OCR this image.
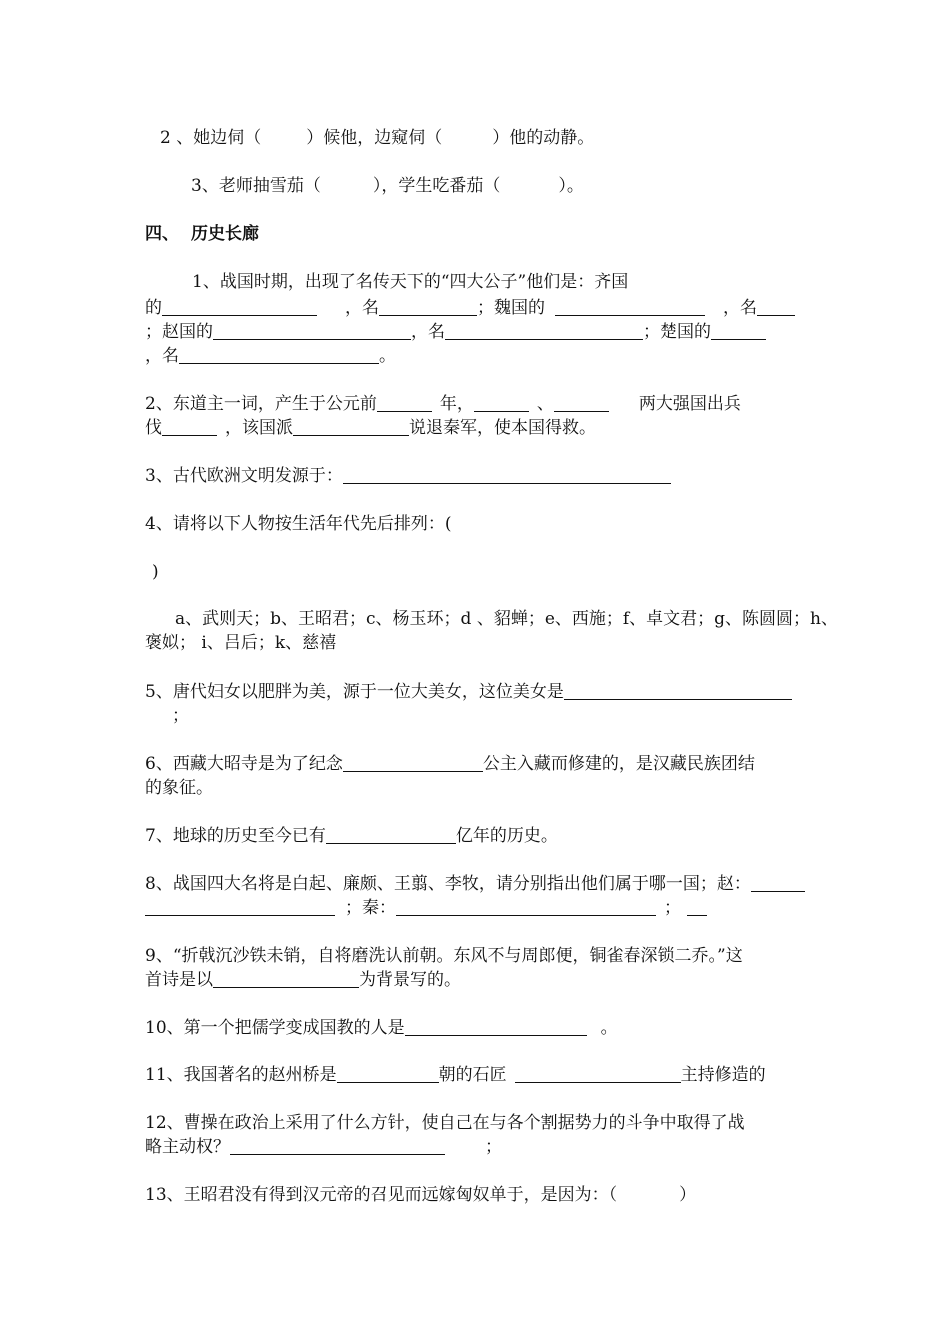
2 、她边伺（	）候他，边窥伺（	）他的动静。
3、老师抽雪茄（	），学生吃番茄（	）。
四、 历史长廊
1、战国时期，出现了名传天下的“四大公子”他们是：齐国
的	，名	；魏国的	，名
；赵国的	，名	；楚国的
，名	。
2、东道主一词，产生于公元前	年，	、	两大强国出兵
伐	，该国派	说退秦军，使本国得救。
3、古代欧洲文明发源于：
4、请将以下人物按生活年代先后排列：(
)
a、武则天；b、王昭君；c、杨玉环；d 、貂蝉；e、西施；f、卓文君；g、陈圆圆；h、
褒姒； i、吕后；k、慈禧
5、唐代妇女以肥胖为美，源于一位大美女，这位美女是
；
6、西藏大昭寺是为了纪念	公主入藏而修建的，是汉藏民族团结
的象征。
7、地球的历史至今已有	亿年的历史。
8、战国四大名将是白起、廉颇、王翦、李牧，请分别指出他们属于哪一国；赵：
；秦：	；
9、“折戟沉沙铁未销，自将磨洗认前朝。东风不与周郎便，铜雀春深锁二乔。”这
首诗是以	为背景写的。
10、第一个把儒学变成国教的人是	。
11、我国著名的赵州桥是	朝的石匠	主持修造的
12、曹操在政治上采用了什么方针，使自己在与各个割据势力的斗争中取得了战
略主动权？	；
13、王昭君没有得到汉元帝的召见而远嫁匈奴单于，是因为：（	）
